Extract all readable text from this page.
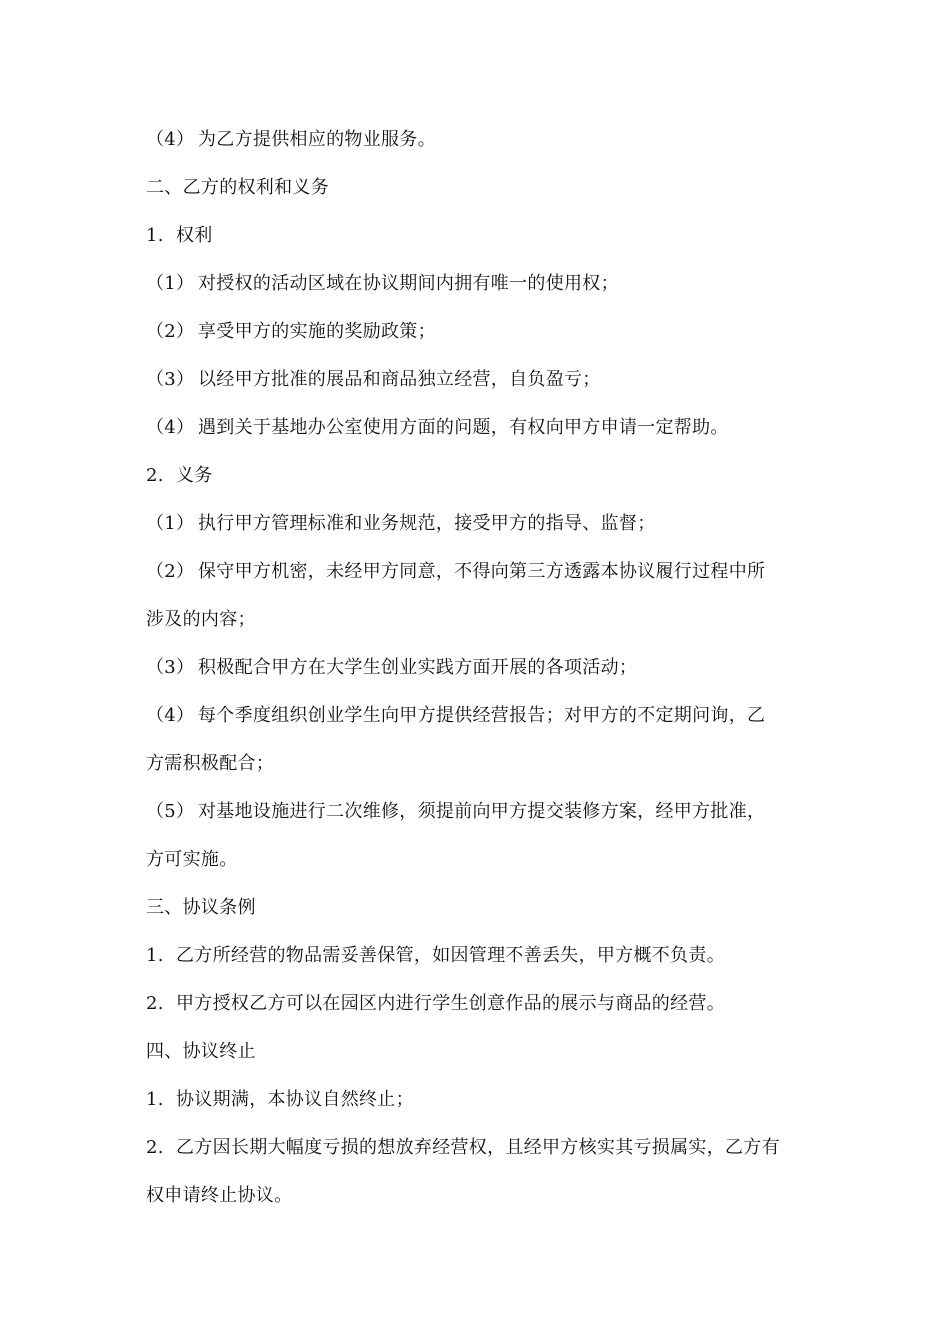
（4） 为乙方提供相应的物业服务。
二、乙方的权利和义务
1. 权利
（1） 对授权的活动区域在协议期间内拥有唯一的使用权；
（2） 享受甲方的实施的奖励政策；
（3） 以经甲方批准的展品和商品独立经营，自负盈亏；
（4） 遇到关于基地办公室使用方面的问题，有权向甲方申请一定帮助。
2. 义务
（1） 执行甲方管理标准和业务规范，接受甲方的指导、监督；
（2） 保守甲方机密，未经甲方同意，不得向第三方透露本协议履行过程中所
涉及的内容；
（3） 积极配合甲方在大学生创业实践方面开展的各项活动；
（4） 每个季度组织创业学生向甲方提供经营报告；对甲方的不定期问询，乙
方需积极配合；
（5） 对基地设施进行二次维修，须提前向甲方提交装修方案，经甲方批准，
方可实施。
三、协议条例
1. 乙方所经营的物品需妥善保管，如因管理不善丢失，甲方概不负责。
2. 甲方授权乙方可以在园区内进行学生创意作品的展示与商品的经营。
四、协议终止
1. 协议期满，本协议自然终止；
2. 乙方因长期大幅度亏损的想放弃经营权，且经甲方核实其亏损属实，乙方有
权申请终止协议。
